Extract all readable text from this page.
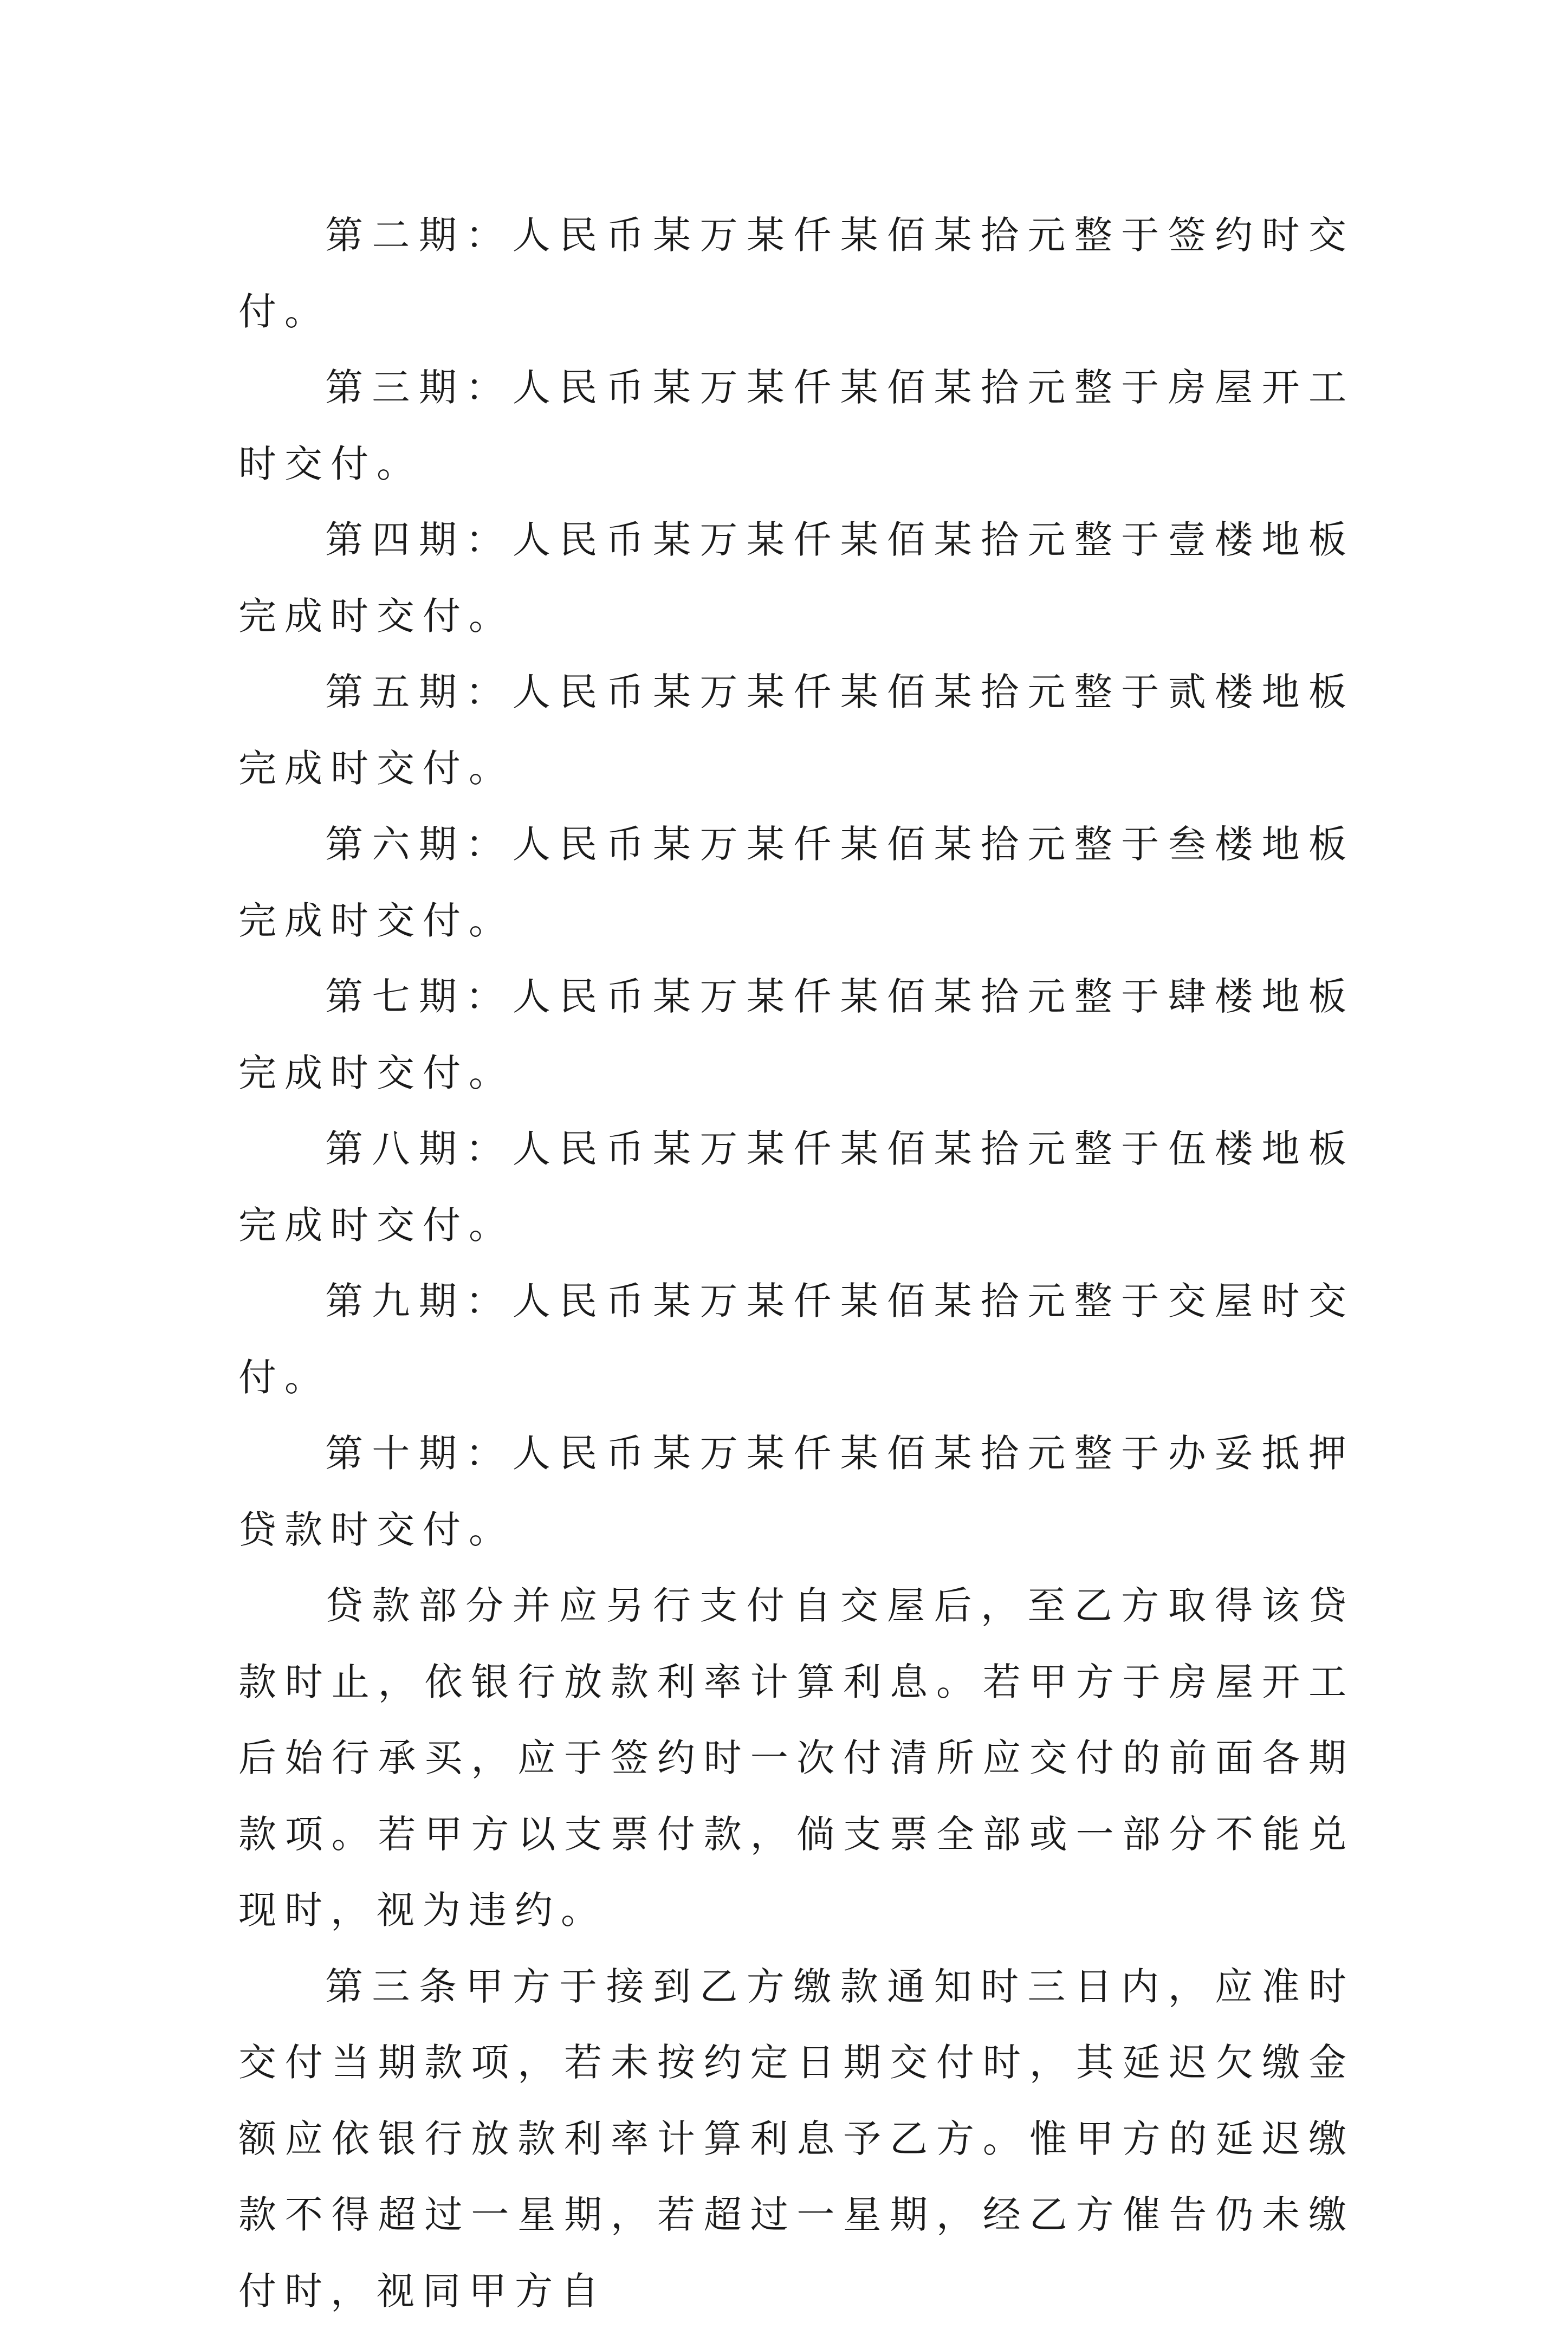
第二期：人民币某万某仟某佰某拾元整于签约时交付。

第三期：人民币某万某仟某佰某拾元整于房屋开工时交付。

第四期：人民币某万某仟某佰某拾元整于壹楼地板完成时交付。

第五期：人民币某万某仟某佰某拾元整于贰楼地板完成时交付。

第六期：人民币某万某仟某佰某拾元整于叁楼地板完成时交付。

第七期：人民币某万某仟某佰某拾元整于肆楼地板完成时交付。

第八期：人民币某万某仟某佰某拾元整于伍楼地板完成时交付。

第九期：人民币某万某仟某佰某拾元整于交屋时交付。

第十期：人民币某万某仟某佰某拾元整于办妥抵押贷款时交付。

贷款部分并应另行支付自交屋后，至乙方取得该贷款时止，依银行放款利率计算利息。若甲方于房屋开工后始行承买，应于签约时一次付清所应交付的前面各期款项。若甲方以支票付款，倘支票全部或一部分不能兑现时，视为违约。

第三条甲方于接到乙方缴款通知时三日内，应准时交付当期款项，若未按约定日期交付时，其延迟欠缴金额应依银行放款利率计算利息予乙方。惟甲方的延迟缴款不得超过一星期，若超过一星期，经乙方催告仍未缴付时，视同甲方自
